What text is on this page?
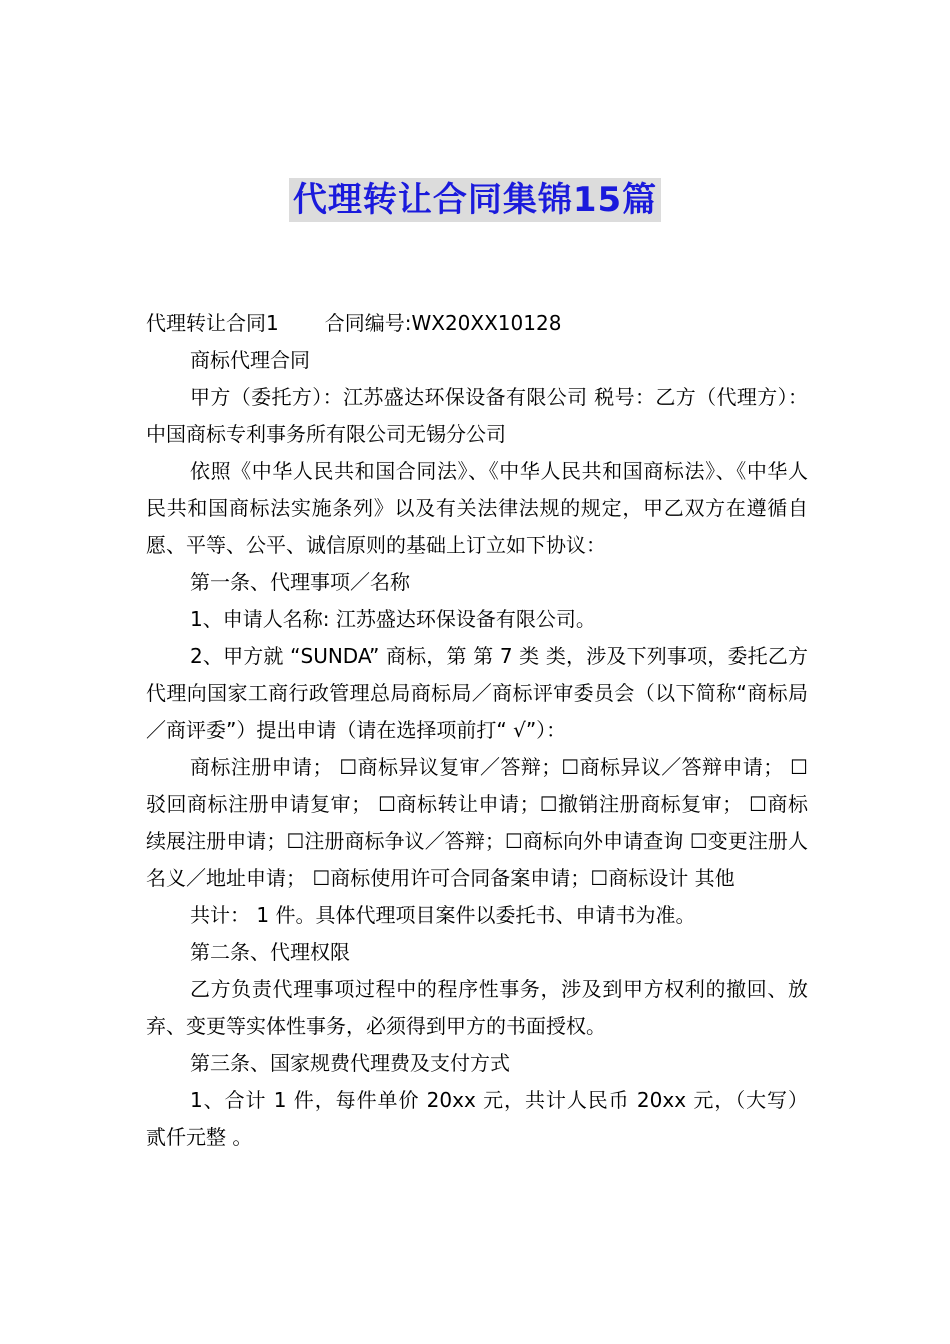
代理转让合同集锦15篇

代理转让合同1 合同编号:WX20XX10128

商标代理合同

甲方（委托方）：江苏盛达环保设备有限公司 税号：乙方（代理方）：中国商标专利事务所有限公司无锡分公司

依照《中华人民共和国合同法》、《中华人民共和国商标法》、《中华人民共和国商标法实施条列》以及有关法律法规的规定，甲乙双方在遵循自愿、平等、公平、诚信原则的基础上订立如下协议：

第一条、代理事项／名称

1、申请人名称: 江苏盛达环保设备有限公司。

2、甲方就 “SUNDA” 商标，第 第 7 类 类，涉及下列事项，委托乙方代理向国家工商行政管理总局商标局／商标评审委员会（以下简称“商标局／商评委”）提出申请（请在选择项前打“ √”）：

商标注册申请； ☐商标异议复审／答辩；☐商标异议／答辩申请； ☐驳回商标注册申请复审； ☐商标转让申请；☐撤销注册商标复审； ☐商标续展注册申请；☐注册商标争议／答辩；☐商标向外申请查询 ☐变更注册人名义／地址申请； ☐商标使用许可合同备案申请；☐商标设计 其他

共计： 1 件。具体代理项目案件以委托书、申请书为准。

第二条、代理权限

乙方负责代理事项过程中的程序性事务，涉及到甲方权利的撤回、放弃、变更等实体性事务，必须得到甲方的书面授权。

第三条、国家规费代理费及支付方式

1、合计 1 件，每件单价 20xx 元，共计人民币 20xx 元，（大写） 贰仟元整 。
